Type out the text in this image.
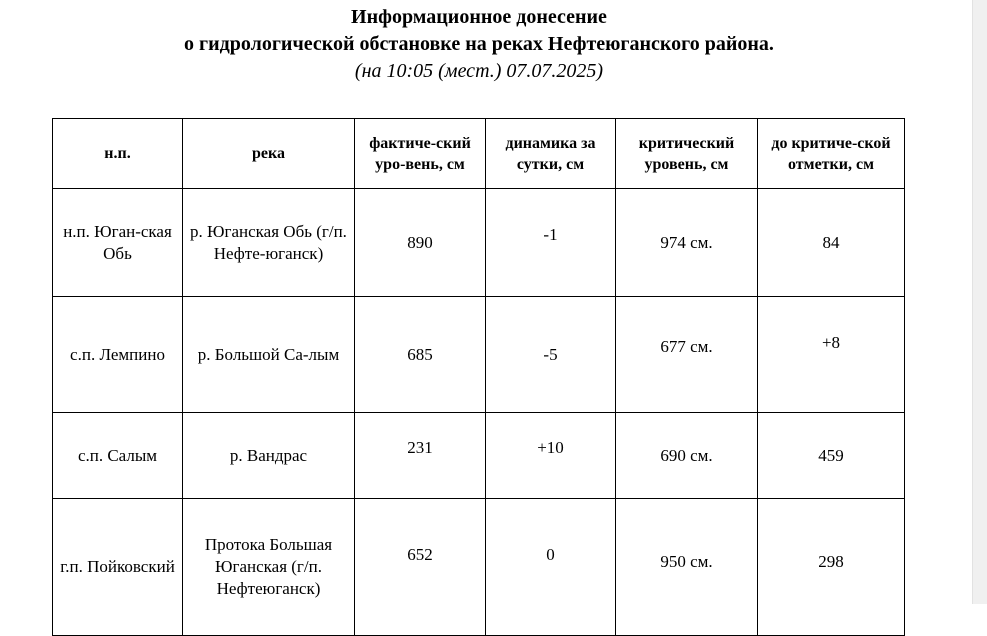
Информационное донесение
о гидрологической обстановке на реках Нефтеюганского района.
(на 10:05 (мест.) 07.07.2025)
н.п.	река	фактиче-ский уро-вень, см	динамика за сутки, см	критический уровень, см	до критиче-ской отметки, см
н.п. Юган-ская Обь	р. Юганская Обь (г/п. Нефте-юганск)	890	-1	974 см.	84
с.п. Лемпино	р. Большой Са-лым	685	-5	677 см.	+8
с.п. Салым	р. Вандрас	231	+10	690 см.	459
г.п. Пойковский	Протока Большая Юганская (г/п. Нефтеюганск)	652	0	950 см.	298
